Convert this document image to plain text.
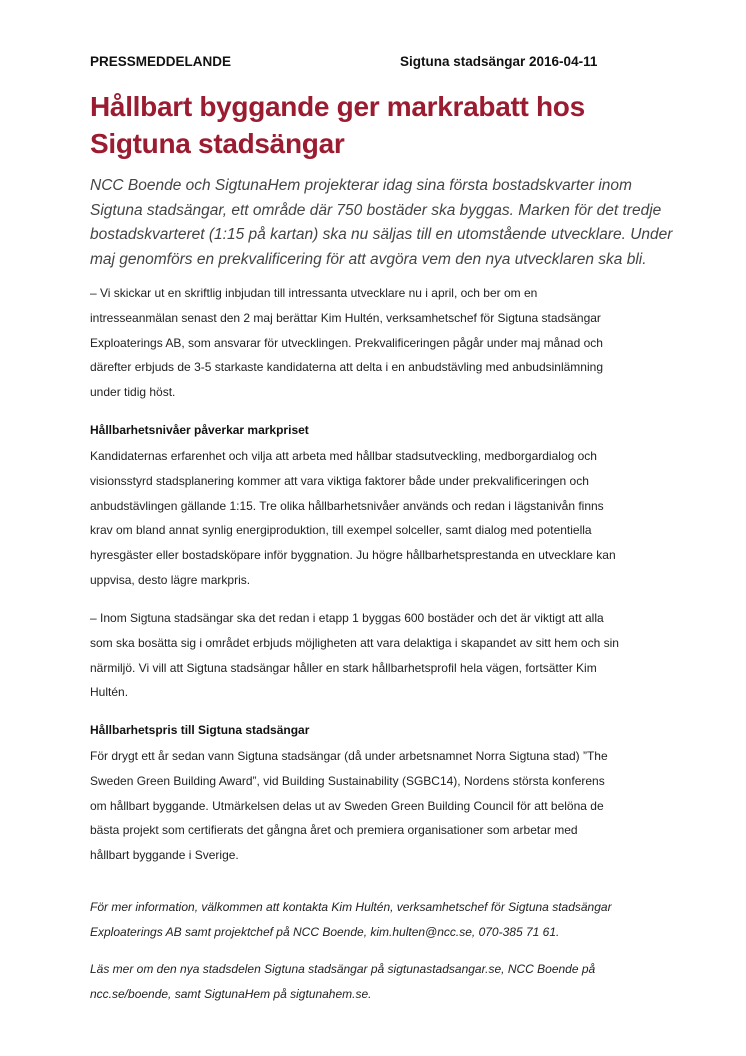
PRESSMEDDELANDE	Sigtuna stadsängar 2016-04-11
Hållbart byggande ger markrabatt hos
Sigtuna stadsängar
NCC Boende och SigtunaHem projekterar idag sina första bostadskvarter inom
Sigtuna stadsängar, ett område där 750 bostäder ska byggas. Marken för det tredje
bostadskvarteret (1:15 på kartan) ska nu säljas till en utomstående utvecklare. Under
maj genomförs en prekvalificering för att avgöra vem den nya utvecklaren ska bli.
– Vi skickar ut en skriftlig inbjudan till intressanta utvecklare nu i april, och ber om en
intresseanmälan senast den 2 maj berättar Kim Hultén, verksamhetschef för Sigtuna stadsängar
Exploaterings AB, som ansvarar för utvecklingen. Prekvalificeringen pågår under maj månad och
därefter erbjuds de 3-5 starkaste kandidaterna att delta i en anbudstävling med anbudsinlämning
under tidig höst.
Hållbarhetsnivåer påverkar markpriset
Kandidaternas erfarenhet och vilja att arbeta med hållbar stadsutveckling, medborgardialog och
visionsstyrd stadsplanering kommer att vara viktiga faktorer både under prekvalificeringen och
anbudstävlingen gällande 1:15. Tre olika hållbarhetsnivåer används och redan i lägstanivån finns
krav om bland annat synlig energiproduktion, till exempel solceller, samt dialog med potentiella
hyresgäster eller bostadsköpare inför byggnation. Ju högre hållbarhetsprestanda en utvecklare kan
uppvisa, desto lägre markpris.
– Inom Sigtuna stadsängar ska det redan i etapp 1 byggas 600 bostäder och det är viktigt att alla
som ska bosätta sig i området erbjuds möjligheten att vara delaktiga i skapandet av sitt hem och sin
närmiljö. Vi vill att Sigtuna stadsängar håller en stark hållbarhetsprofil hela vägen, fortsätter Kim
Hultén.
Hållbarhetspris till Sigtuna stadsängar
För drygt ett år sedan vann Sigtuna stadsängar (då under arbetsnamnet Norra Sigtuna stad) ”The
Sweden Green Building Award”, vid Building Sustainability (SGBC14), Nordens största konferens
om hållbart byggande. Utmärkelsen delas ut av Sweden Green Building Council för att belöna de
bästa projekt som certifierats det gångna året och premiera organisationer som arbetar med
hållbart byggande i Sverige.
För mer information, välkommen att kontakta Kim Hultén, verksamhetschef för Sigtuna stadsängar
Exploaterings AB samt projektchef på NCC Boende, kim.hulten@ncc.se, 070-385 71 61.
Läs mer om den nya stadsdelen Sigtuna stadsängar på sigtunastadsangar.se, NCC Boende på
ncc.se/boende, samt SigtunaHem på sigtunahem.se.
